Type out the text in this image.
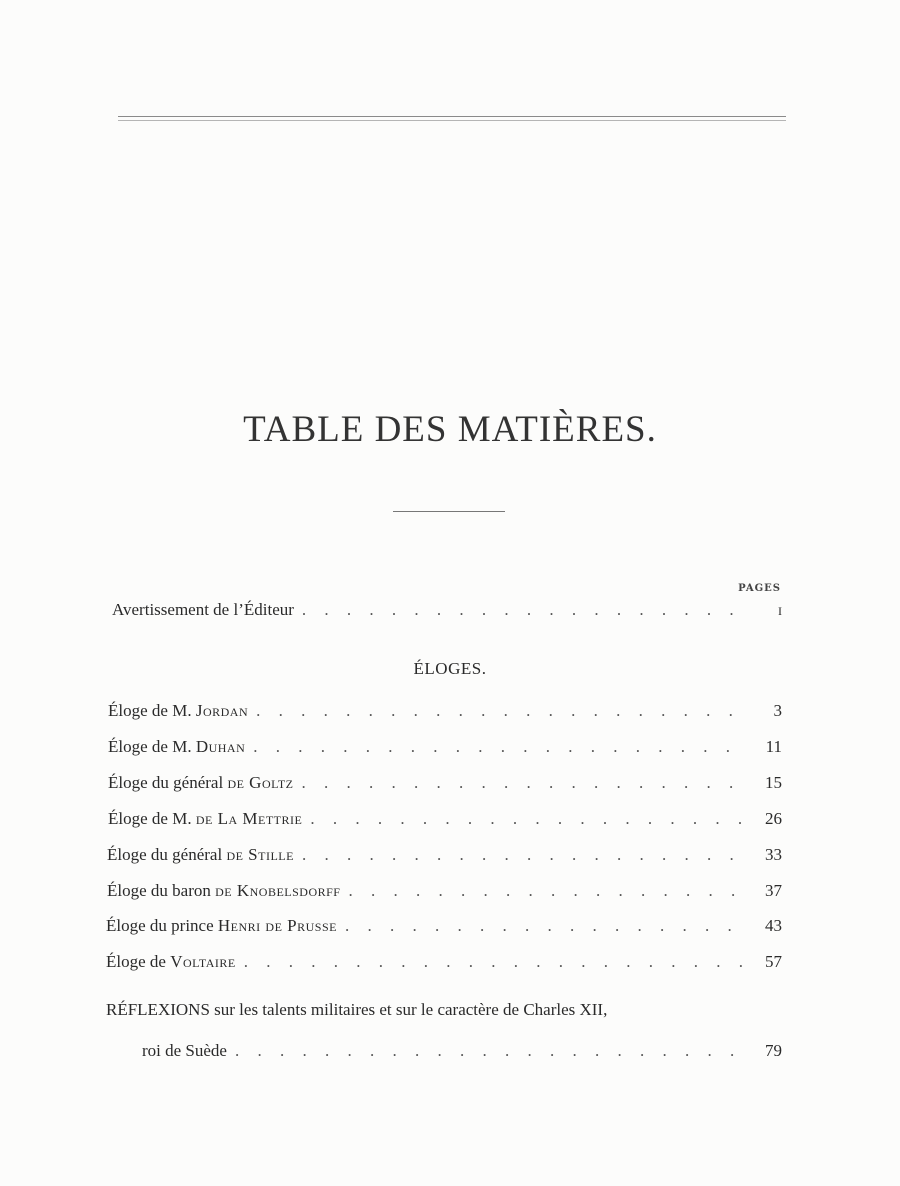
TABLE DES MATIÈRES.
PAGES
Avertissement de l’Éditeur . . .	I
ÉLOGES.
Éloge de M. Jordan . . .	3
Éloge de M. Duhan . . .	11
Éloge du général de Goltz . . .	15
Éloge de M. de La Mettrie . . .	26
Éloge du général de Stille . . .	33
Éloge du baron de Knobelsdorff . . .	37
Éloge du prince Henri de Prusse . . .	43
Éloge de Voltaire . . .	57
RÉFLEXIONS sur les talents militaires et sur le caractère de Charles XII,
roi de Suède . . .	79
